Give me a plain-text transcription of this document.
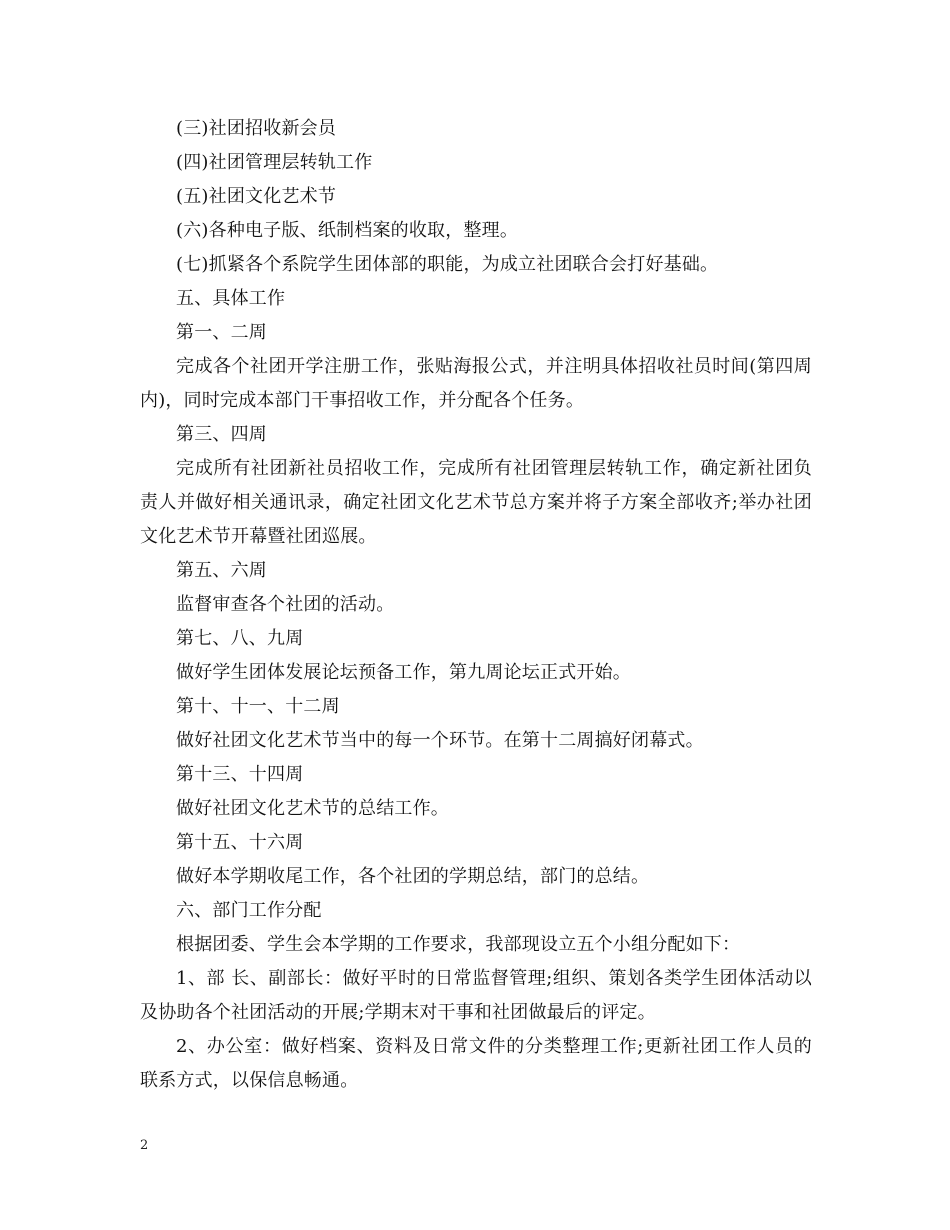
(三)社团招收新会员

(四)社团管理层转轨工作

(五)社团文化艺术节

(六)各种电子版、纸制档案的收取，整理。

(七)抓紧各个系院学生团体部的职能，为成立社团联合会打好基础。

五、具体工作

第一、二周

完成各个社团开学注册工作，张贴海报公式，并注明具体招收社员时间(第四周内)，同时完成本部门干事招收工作，并分配各个任务。

第三、四周

完成所有社团新社员招收工作，完成所有社团管理层转轨工作，确定新社团负责人并做好相关通讯录，确定社团文化艺术节总方案并将子方案全部收齐;举办社团文化艺术节开幕暨社团巡展。

第五、六周

监督审查各个社团的活动。

第七、八、九周

做好学生团体发展论坛预备工作，第九周论坛正式开始。

第十、十一、十二周

做好社团文化艺术节当中的每一个环节。在第十二周搞好闭幕式。

第十三、十四周

做好社团文化艺术节的总结工作。

第十五、十六周

做好本学期收尾工作，各个社团的学期总结，部门的总结。

六、部门工作分配

根据团委、学生会本学期的工作要求，我部现设立五个小组分配如下：

1、部 长、副部长：做好平时的日常监督管理;组织、策划各类学生团体活动以及协助各个社团活动的开展;学期末对干事和社团做最后的评定。

2、办公室：做好档案、资料及日常文件的分类整理工作;更新社团工作人员的联系方式，以保信息畅通。

2
